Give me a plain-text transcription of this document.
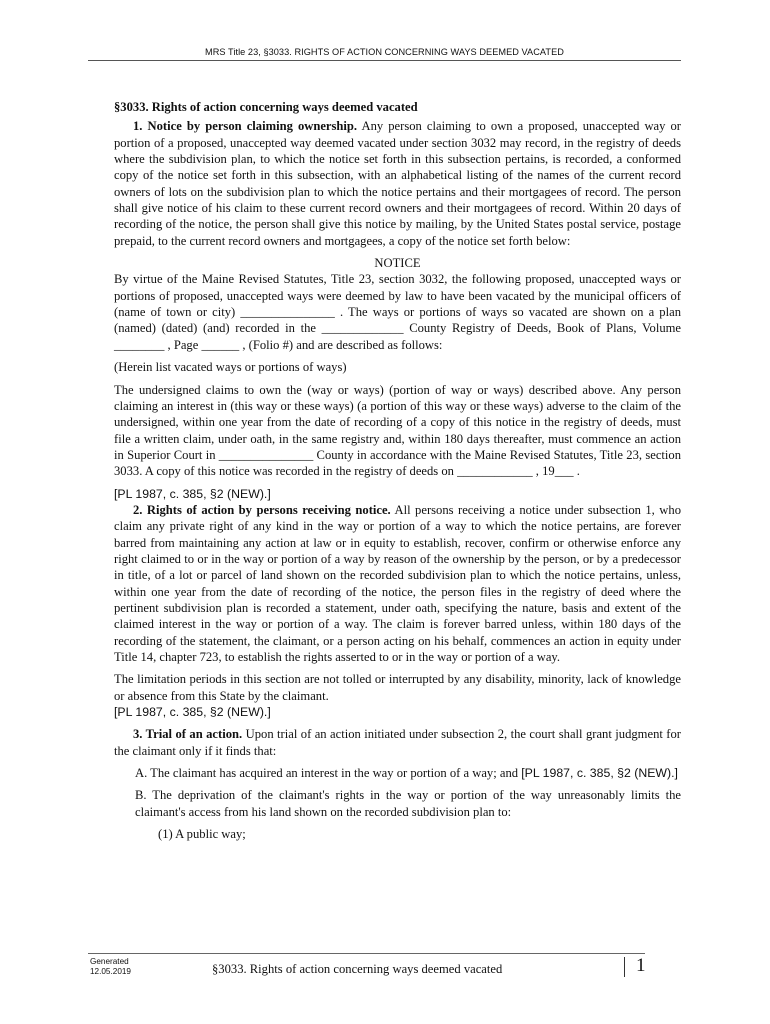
MRS Title 23, §3033. RIGHTS OF ACTION CONCERNING WAYS DEEMED VACATED

§3033. Rights of action concerning ways deemed vacated

1. Notice by person claiming ownership. Any person claiming to own a proposed, unaccepted way or portion of a proposed, unaccepted way deemed vacated under section 3032 may record, in the registry of deeds where the subdivision plan, to which the notice set forth in this subsection pertains, is recorded, a conformed copy of the notice set forth in this subsection, with an alphabetical listing of the names of the current record owners of lots on the subdivision plan to which the notice pertains and their mortgagees of record. The person shall give notice of his claim to these current record owners and their mortgagees of record. Within 20 days of recording of the notice, the person shall give this notice by mailing, by the United States postal service, postage prepaid, to the current record owners and mortgagees, a copy of the notice set forth below:

NOTICE

By virtue of the Maine Revised Statutes, Title 23, section 3032, the following proposed, unaccepted ways or portions of proposed, unaccepted ways were deemed by law to have been vacated by the municipal officers of (name of town or city) _______________ . The ways or portions of ways so vacated are shown on a plan (named) (dated) (and) recorded in the _____________ County Registry of Deeds, Book of Plans, Volume ________ , Page ______ , (Folio #) and are described as follows:

(Herein list vacated ways or portions of ways)

The undersigned claims to own the (way or ways) (portion of way or ways) described above. Any person claiming an interest in (this way or these ways) (a portion of this way or these ways) adverse to the claim of the undersigned, within one year from the date of recording of a copy of this notice in the registry of deeds, must file a written claim, under oath, in the same registry and, within 180 days thereafter, must commence an action in Superior Court in _______________ County in accordance with the Maine Revised Statutes, Title 23, section 3033. A copy of this notice was recorded in the registry of deeds on ____________ , 19___ .

[PL 1987, c. 385, §2 (NEW).]

2. Rights of action by persons receiving notice. All persons receiving a notice under subsection 1, who claim any private right of any kind in the way or portion of a way to which the notice pertains, are forever barred from maintaining any action at law or in equity to establish, recover, confirm or otherwise enforce any right claimed to or in the way or portion of a way by reason of the ownership by the person, or by a predecessor in title, of a lot or parcel of land shown on the recorded subdivision plan to which the notice pertains, unless, within one year from the date of recording of the notice, the person files in the registry of deed where the pertinent subdivision plan is recorded a statement, under oath, specifying the nature, basis and extent of the claimed interest in the way or portion of a way. The claim is forever barred unless, within 180 days of the recording of the statement, the claimant, or a person acting on his behalf, commences an action in equity under Title 14, chapter 723, to establish the rights asserted to or in the way or portion of a way.

The limitation periods in this section are not tolled or interrupted by any disability, minority, lack of knowledge or absence from this State by the claimant.

[PL 1987, c. 385, §2 (NEW).]

3. Trial of an action. Upon trial of an action initiated under subsection 2, the court shall grant judgment for the claimant only if it finds that:

A. The claimant has acquired an interest in the way or portion of a way; and [PL 1987, c. 385, §2 (NEW).]

B. The deprivation of the claimant's rights in the way or portion of the way unreasonably limits the claimant's access from his land shown on the recorded subdivision plan to:

(1) A public way;

Generated
12.05.2019	§3033. Rights of action concerning ways deemed vacated	1
